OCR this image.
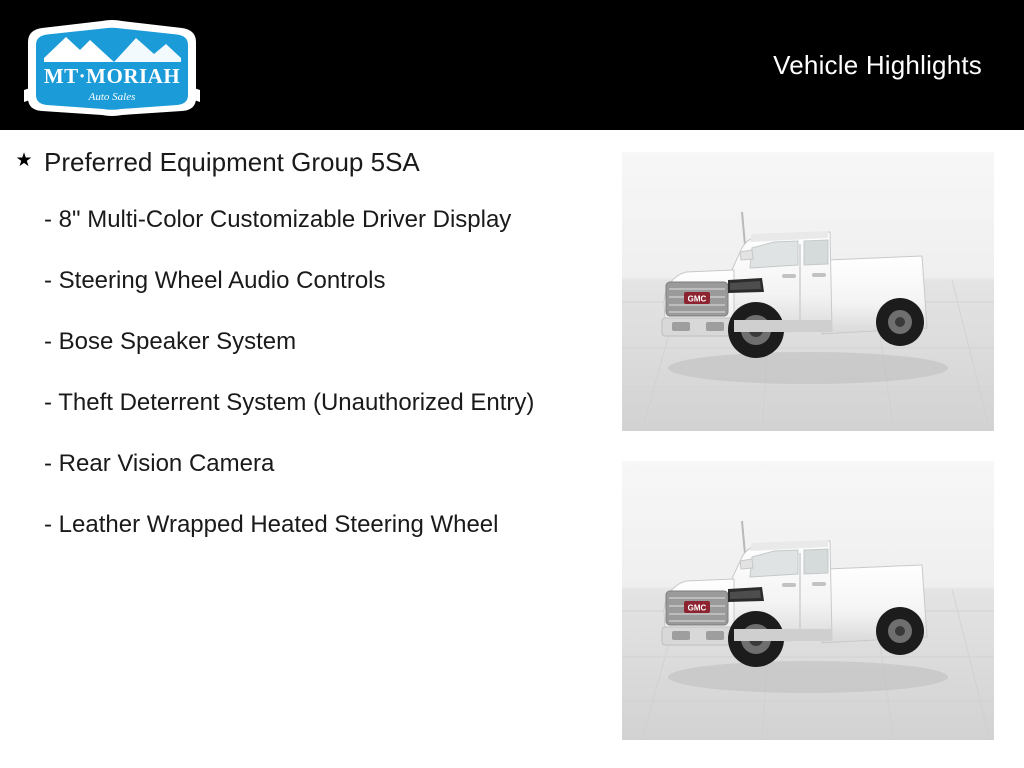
MT·MORIAH
Auto Sales
Vehicle Highlights
★ Preferred Equipment Group 5SA
- 8" Multi-Color Customizable Driver Display
- Steering Wheel Audio Controls
- Bose Speaker System
- Theft Deterrent System (Unauthorized Entry)
- Rear Vision Camera
- Leather Wrapped Heated Steering Wheel
GMC
GMC
